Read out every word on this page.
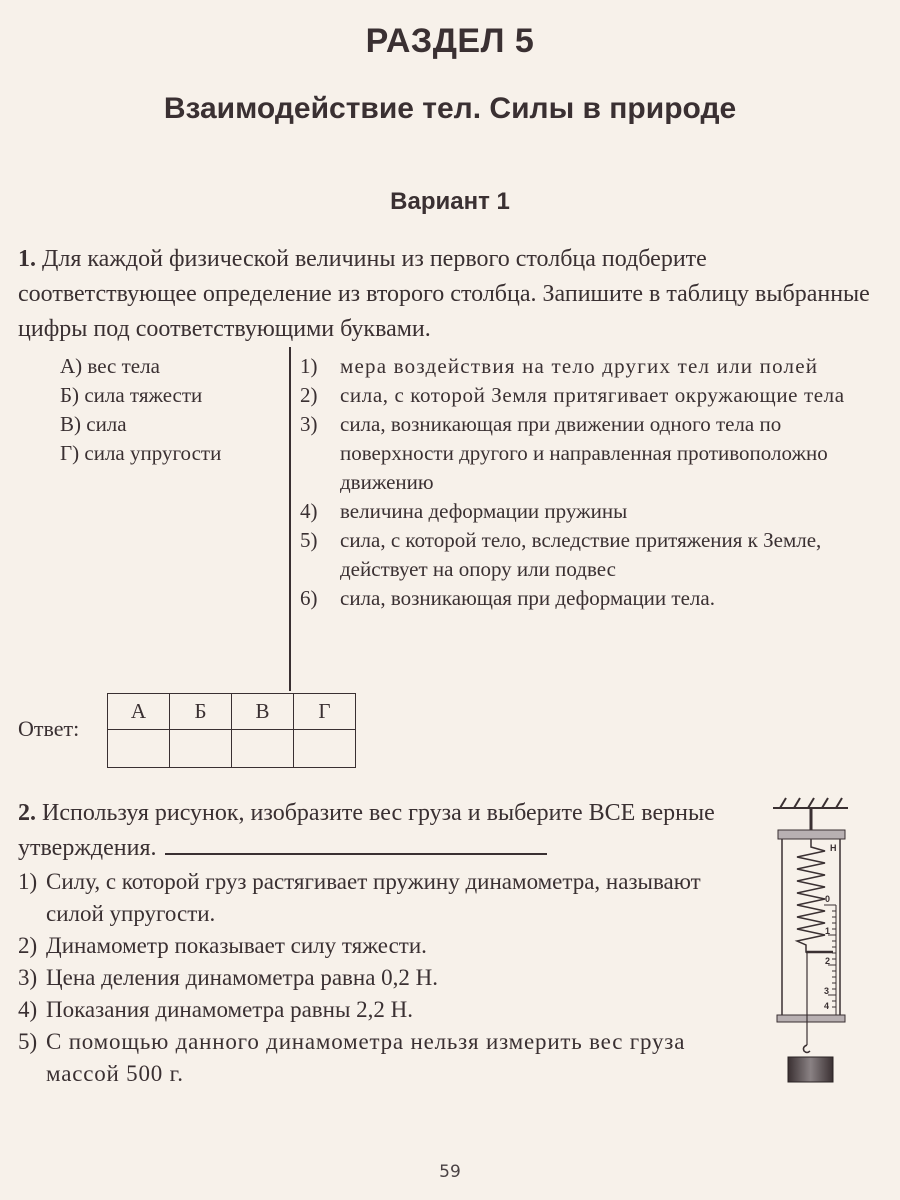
РАЗДЕЛ 5
Взаимодействие тел. Силы в природе
Вариант 1
1. Для каждой физической величины из первого столбца подберите соответствующее определение из второго столбца. Запишите в таблицу выбранные цифры под соответствующими буквами.
А) вес тела
Б) сила тяжести
В) сила
Г) сила упругости
1)	мера воздействия на тело других тел или полей
2)	сила, с которой Земля притягивает окружающие тела
3)	сила, возникающая при движении одного тела по поверхности другого и направленная противоположно движению
4)	величина деформации пружины
5)	сила, с которой тело, вследствие притяжения к Земле, действует на опору или подвес
6)	сила, возникающая при деформации тела.
Ответ:
А	Б	В	Г

2. Используя рисунок, изобразите вес груза и выберите ВСЕ верные утверждения.
1) Силу, с которой груз растягивает пружину динамометра, называют силой упругости.
2) Динамометр показывает силу тяжести.
3) Цена деления динамометра равна 0,2 Н.
4) Показания динамометра равны 2,2 Н.
5) С помощью данного динамометра нельзя измерить вес груза массой 500 г.
Н
0
1
2
3
4
59
